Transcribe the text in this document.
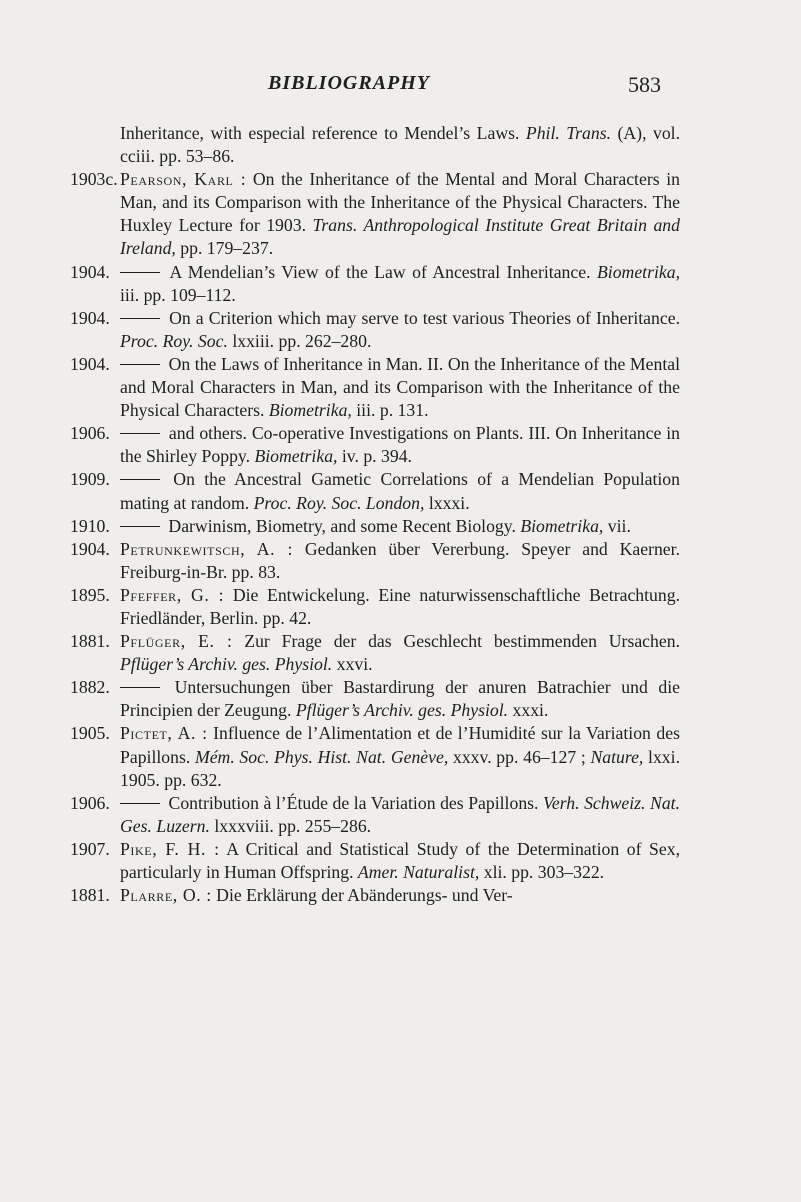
BIBLIOGRAPHY	583

Inheritance, with especial reference to Mendel’s Laws. Phil. Trans. (A), vol. cciii. pp. 53–86.

1903c. Pearson, Karl : On the Inheritance of the Mental and Moral Characters in Man, and its Comparison with the Inheritance of the Physical Characters. The Huxley Lecture for 1903. Trans. Anthropological Institute Great Britain and Ireland, pp. 179–237.

1904.	A Mendelian’s View of the Law of Ancestral Inheritance. Biometrika, iii. pp. 109–112.

1904.	On a Criterion which may serve to test various Theories of Inheritance. Proc. Roy. Soc. lxxiii. pp. 262–280.

1904.	On the Laws of Inheritance in Man. II. On the Inheritance of the Mental and Moral Characters in Man, and its Comparison with the Inheritance of the Physical Characters. Biometrika, iii. p. 131.

1906.	and others. Co-operative Investigations on Plants. III. On Inheritance in the Shirley Poppy. Biometrika, iv. p. 394.

1909.	On the Ancestral Gametic Correlations of a Mendelian Population mating at random. Proc. Roy. Soc. London, lxxxi.

1910.	Darwinism, Biometry, and some Recent Biology. Biometrika, vii.

1904. Petrunkewitsch, A. : Gedanken über Vererbung. Speyer and Kaerner. Freiburg-in-Br. pp. 83.

1895. Pfeffer, G. : Die Entwickelung. Eine naturwissenschaftliche Betrachtung. Friedländer, Berlin. pp. 42.

1881. Pflüger, E. : Zur Frage der das Geschlecht bestimmenden Ursachen. Pflüger’s Archiv. ges. Physiol. xxvi.

1882.	Untersuchungen über Bastardirung der anuren Batrachier und die Principien der Zeugung. Pflüger’s Archiv. ges. Physiol. xxxi.

1905. Pictet, A. : Influence de l’Alimentation et de l’Humidité sur la Variation des Papillons. Mém. Soc. Phys. Hist. Nat. Genève, xxxv. pp. 46–127 ; Nature, lxxi. 1905. pp. 632.

1906.	Contribution à l’Étude de la Variation des Papillons. Verh. Schweiz. Nat. Ges. Luzern. lxxxviii. pp. 255–286.

1907. Pike, F. H. : A Critical and Statistical Study of the Determination of Sex, particularly in Human Offspring. Amer. Naturalist, xli. pp. 303–322.

1881. Plarre, O. : Die Erklärung der Abänderungs- und Ver-
